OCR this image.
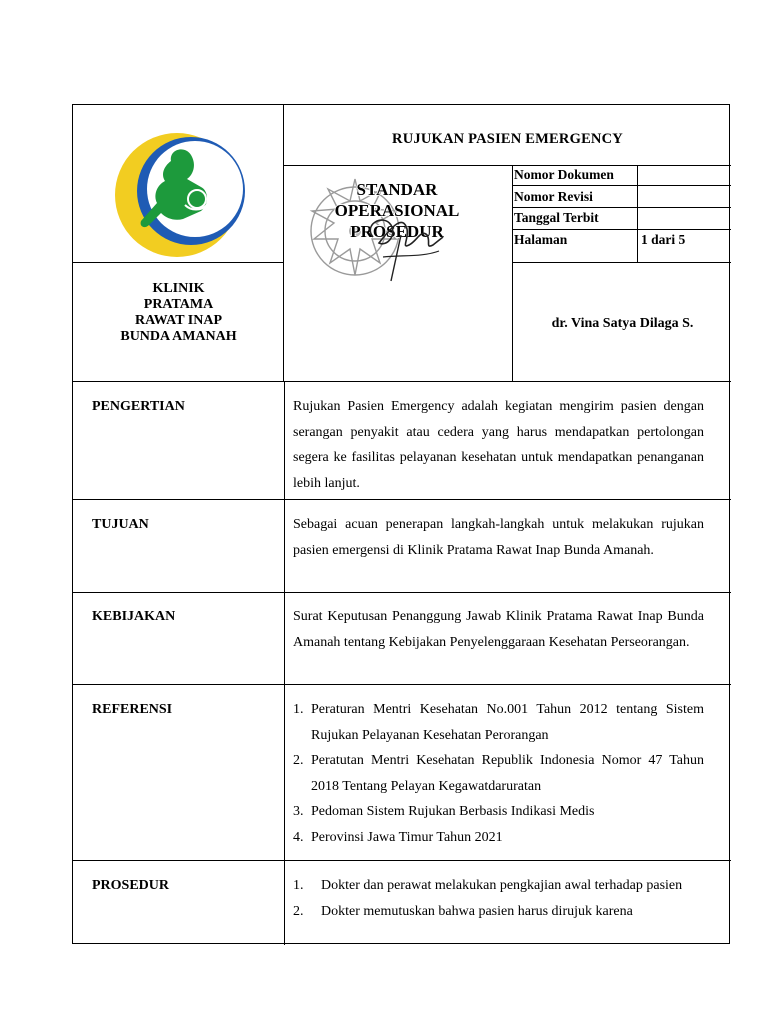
RUJUKAN PASIEN EMERGENCY
STANDAR
OPERASIONAL
PROSEDUR
Nomor Dokumen
Nomor Revisi
Tanggal Terbit
Halaman	1 dari 5
KLINIK
PRATAMA
RAWAT INAP
BUNDA AMANAH
dr. Vina Satya Dilaga S.
PENGERTIAN	Rujukan Pasien Emergency adalah kegiatan mengirim pasien dengan serangan penyakit atau cedera yang harus mendapatkan pertolongan segera ke fasilitas pelayanan kesehatan untuk mendapatkan penanganan lebih lanjut.
TUJUAN	Sebagai acuan penerapan langkah-langkah untuk melakukan rujukan pasien emergensi di Klinik Pratama Rawat Inap Bunda Amanah.
KEBIJAKAN	Surat Keputusan Penanggung Jawab Klinik Pratama Rawat Inap Bunda Amanah tentang Kebijakan Penyelenggaraan Kesehatan Perseorangan.
REFERENSI	1. Peraturan Mentri Kesehatan No.001 Tahun 2012 tentang Sistem Rujukan Pelayanan Kesehatan Perorangan
2. Peratutan Mentri Kesehatan Republik Indonesia Nomor 47 Tahun 2018 Tentang Pelayan Kegawatdaruratan
3. Pedoman Sistem Rujukan Berbasis Indikasi Medis
4. Perovinsi Jawa Timur Tahun 2021
PROSEDUR	1. Dokter dan perawat melakukan pengkajian awal terhadap pasien
2. Dokter memutuskan bahwa pasien harus dirujuk karena
